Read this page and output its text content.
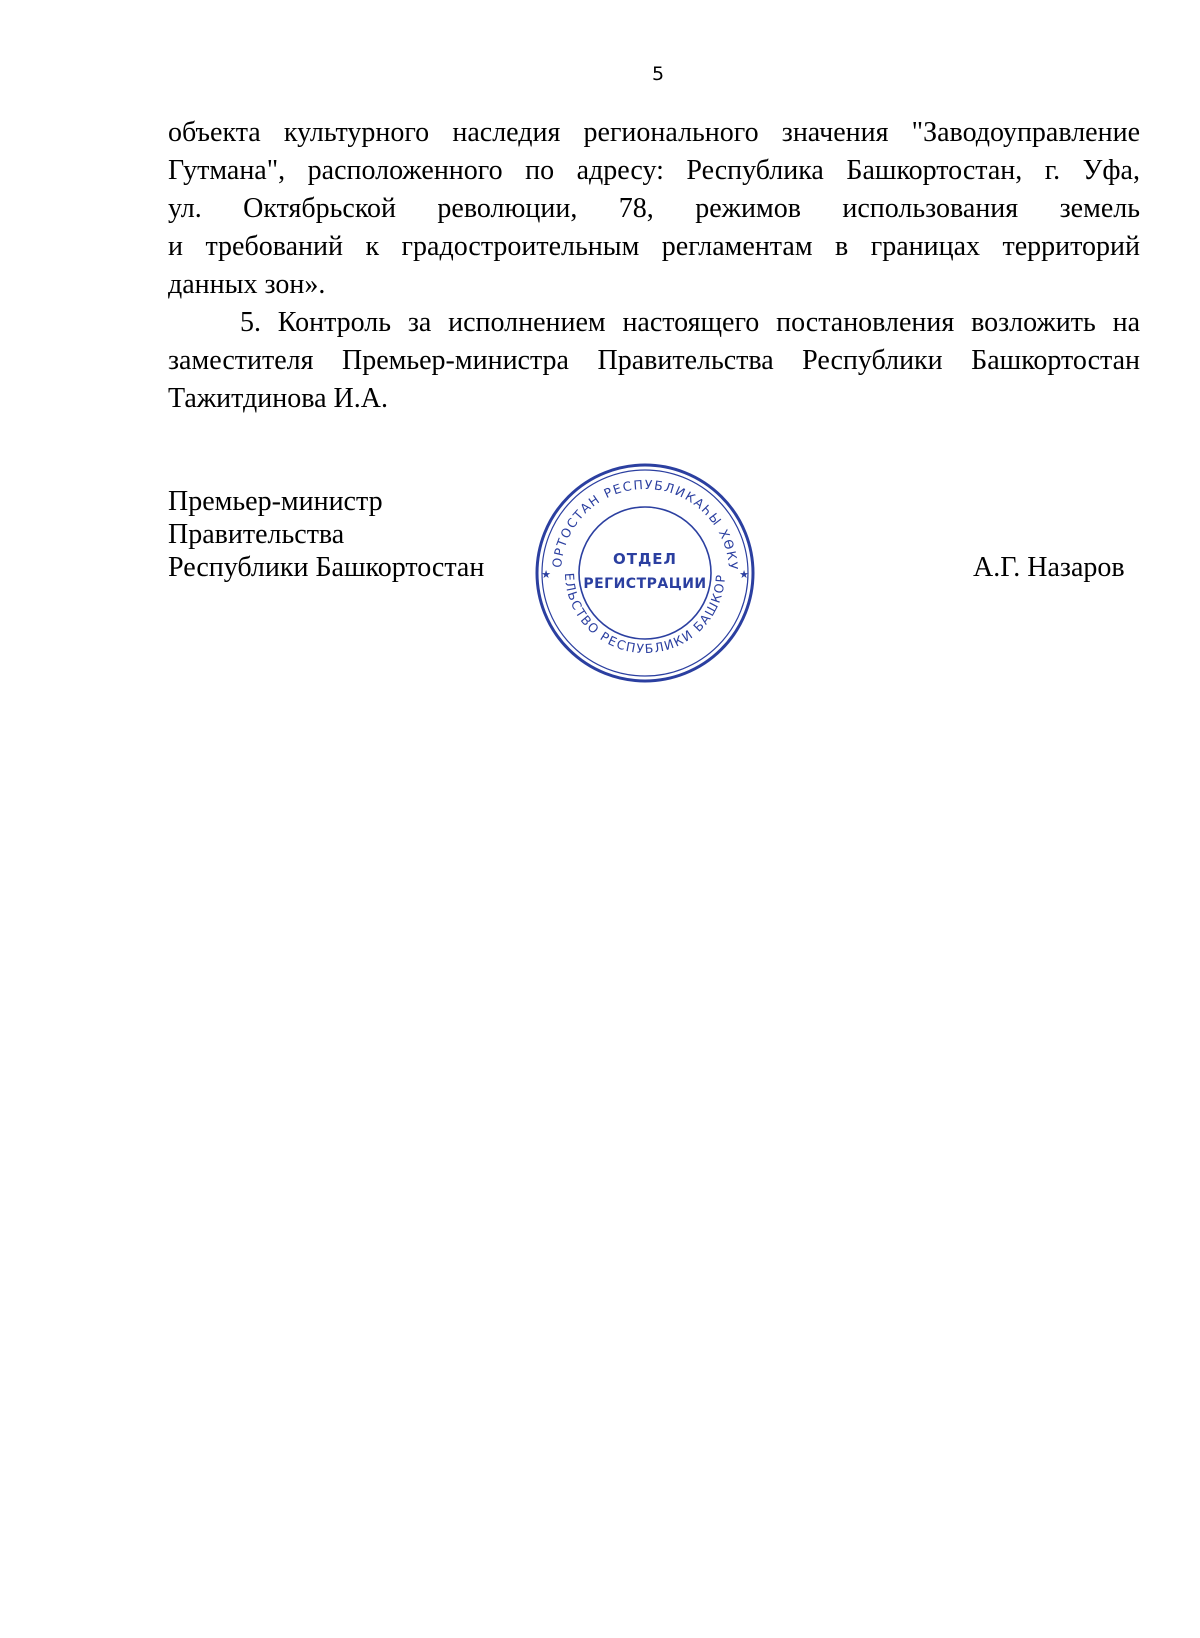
5

объекта культурного наследия регионального значения "Заводоуправление
Гутмана", расположенного по адресу: Республика Башкортостан, г. Уфа,
ул. Октябрьской революции, 78, режимов использования земель
и требований к градостроительным регламентам в границах территорий
данных зон».

5. Контроль за исполнением настоящего постановления возложить на
заместителя Премьер-министра Правительства Республики Башкортостан
Тажитдинова И.А.

Премьер-министр
Правительства
Республики Башкортостан	А.Г. Назаров
ОРТОСТАН РЕСПУБЛИКАҺЫ ХӨКУ
ЕЛЬСТВО РЕСПУБЛИКИ БАШКОР
★	★
ОТДЕЛ
РЕГИСТРАЦИИ
